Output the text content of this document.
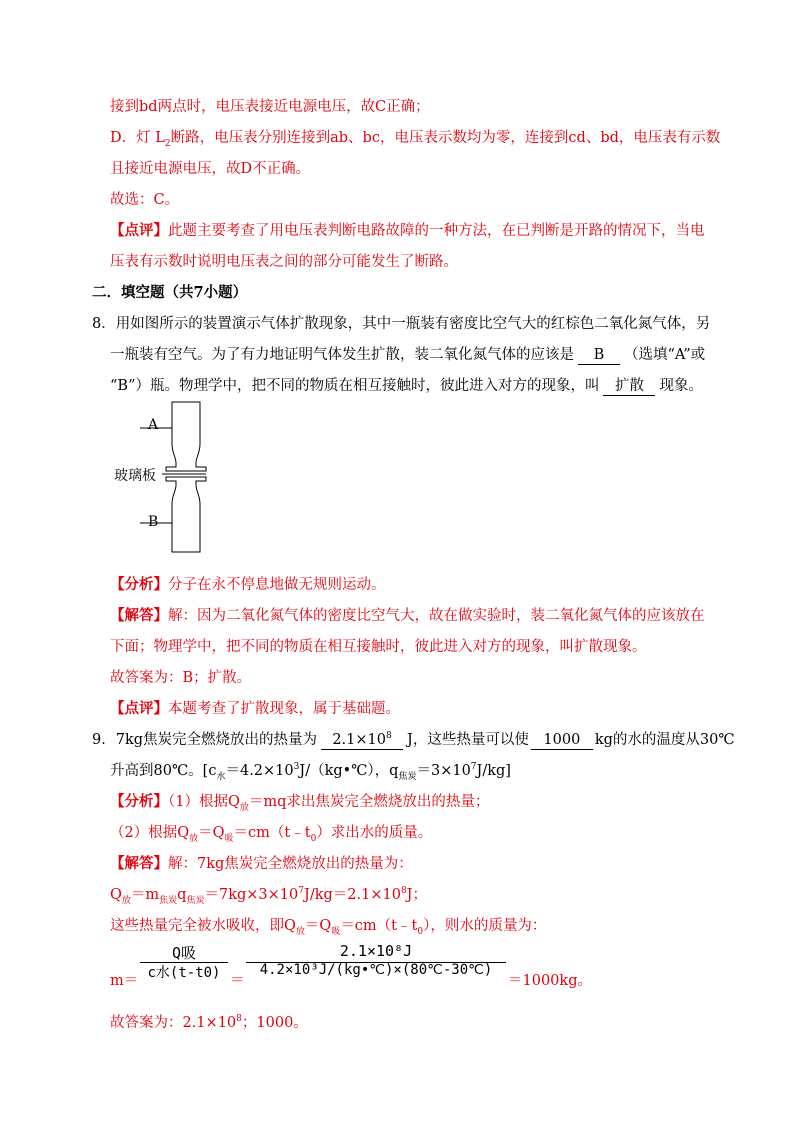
接到bd两点时，电压表接近电源电压，故C正确；
D．灯 $L_2$断路，电压表分别连接到ab、bc，电压表示数均为零，连接到cd、bd，电压表有示数
且接近电源电压，故D不正确。
故选：C。
【点评】此题主要考查了用电压表判断电路故障的一种方法，在已判断是开路的情况下，当电
压表有示数时说明电压表之间的部分可能发生了断路。
二．填空题（共7小题）
8．用如图所示的装置演示气体扩散现象，其中一瓶装有密度比空气大的红棕色二氧化氮气体，另
一瓶装有空气。为了有力地证明气体发生扩散，装二氧化氮气体的应该是 B （选填“A”或
“B”）瓶。物理学中，把不同的物质在相互接触时，彼此进入对方的现象，叫 扩散 现象。
A
玻璃板
B
【分析】分子在永不停息地做无规则运动。
【解答】解：因为二氧化氮气体的密度比空气大，故在做实验时，装二氧化氮气体的应该放在
下面；物理学中，把不同的物质在相互接触时，彼此进入对方的现象，叫扩散现象。
故答案为：B；扩散。
【点评】本题考查了扩散现象，属于基础题。
9．7kg焦炭完全燃烧放出的热量为 $2.1\times 10^8$ J，这些热量可以使 1000 kg的水的温度从30℃
升高到80℃。[$c_水=4.2\times 10^3J/(kg•℃)$，$q_{焦炭}=3\times 10^7J/kg$]
【分析】（1）根据$Q_放=mq$求出焦炭完全燃烧放出的热量；
（2）根据$Q_放=Q_吸=cm(t﹣t_0)$求出水的质量。
【解答】解：7kg焦炭完全燃烧放出的热量为：
$Q_放=m_{焦炭}q_{焦炭}=7kg\times 3\times 10^7J/kg=2.1\times 10^8J$；
这些热量完全被水吸收，即$Q_放=Q_吸=cm(t﹣t_0)$，则水的质量为：
m＝
Q吸
c水(t-t0) ＝
2.1×10⁸J
4.2×10³J/(kg•℃)×(80℃-30℃)
＝1000kg。
故答案为：$2.1\times 10^8$；1000。
